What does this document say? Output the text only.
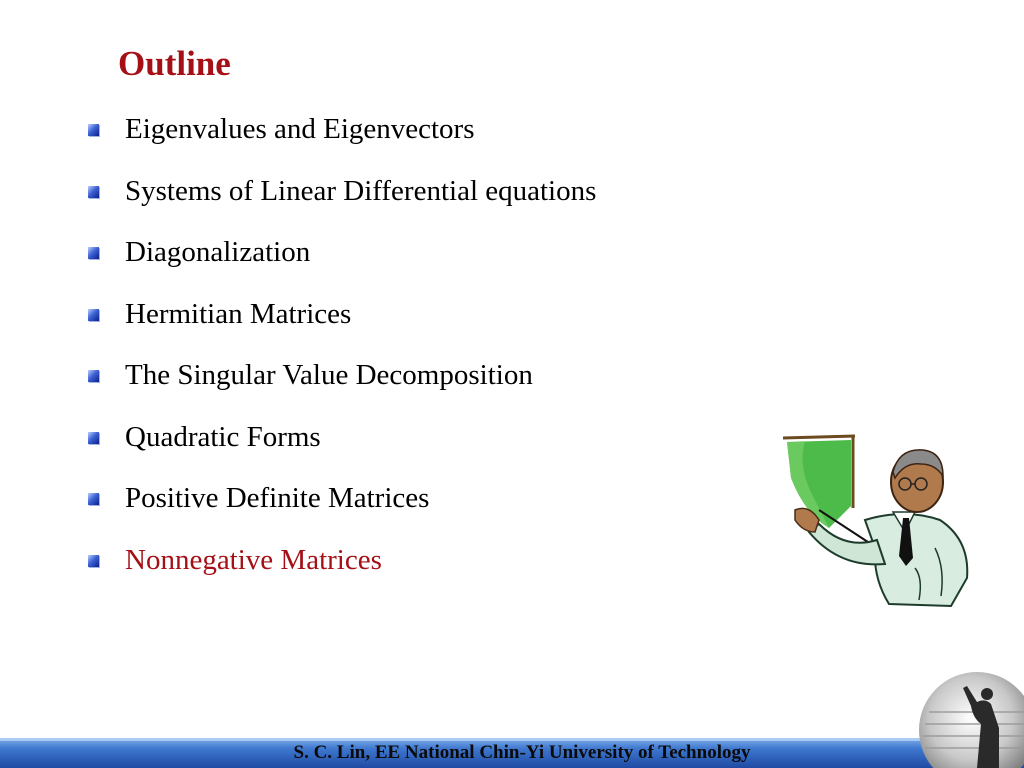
Outline
Eigenvalues and Eigenvectors
Systems of Linear Differential equations
Diagonalization
Hermitian Matrices
The Singular Value Decomposition
Quadratic Forms
Positive Definite Matrices
Nonnegative Matrices
S. C. Lin, EE National Chin-Yi University of Technology
